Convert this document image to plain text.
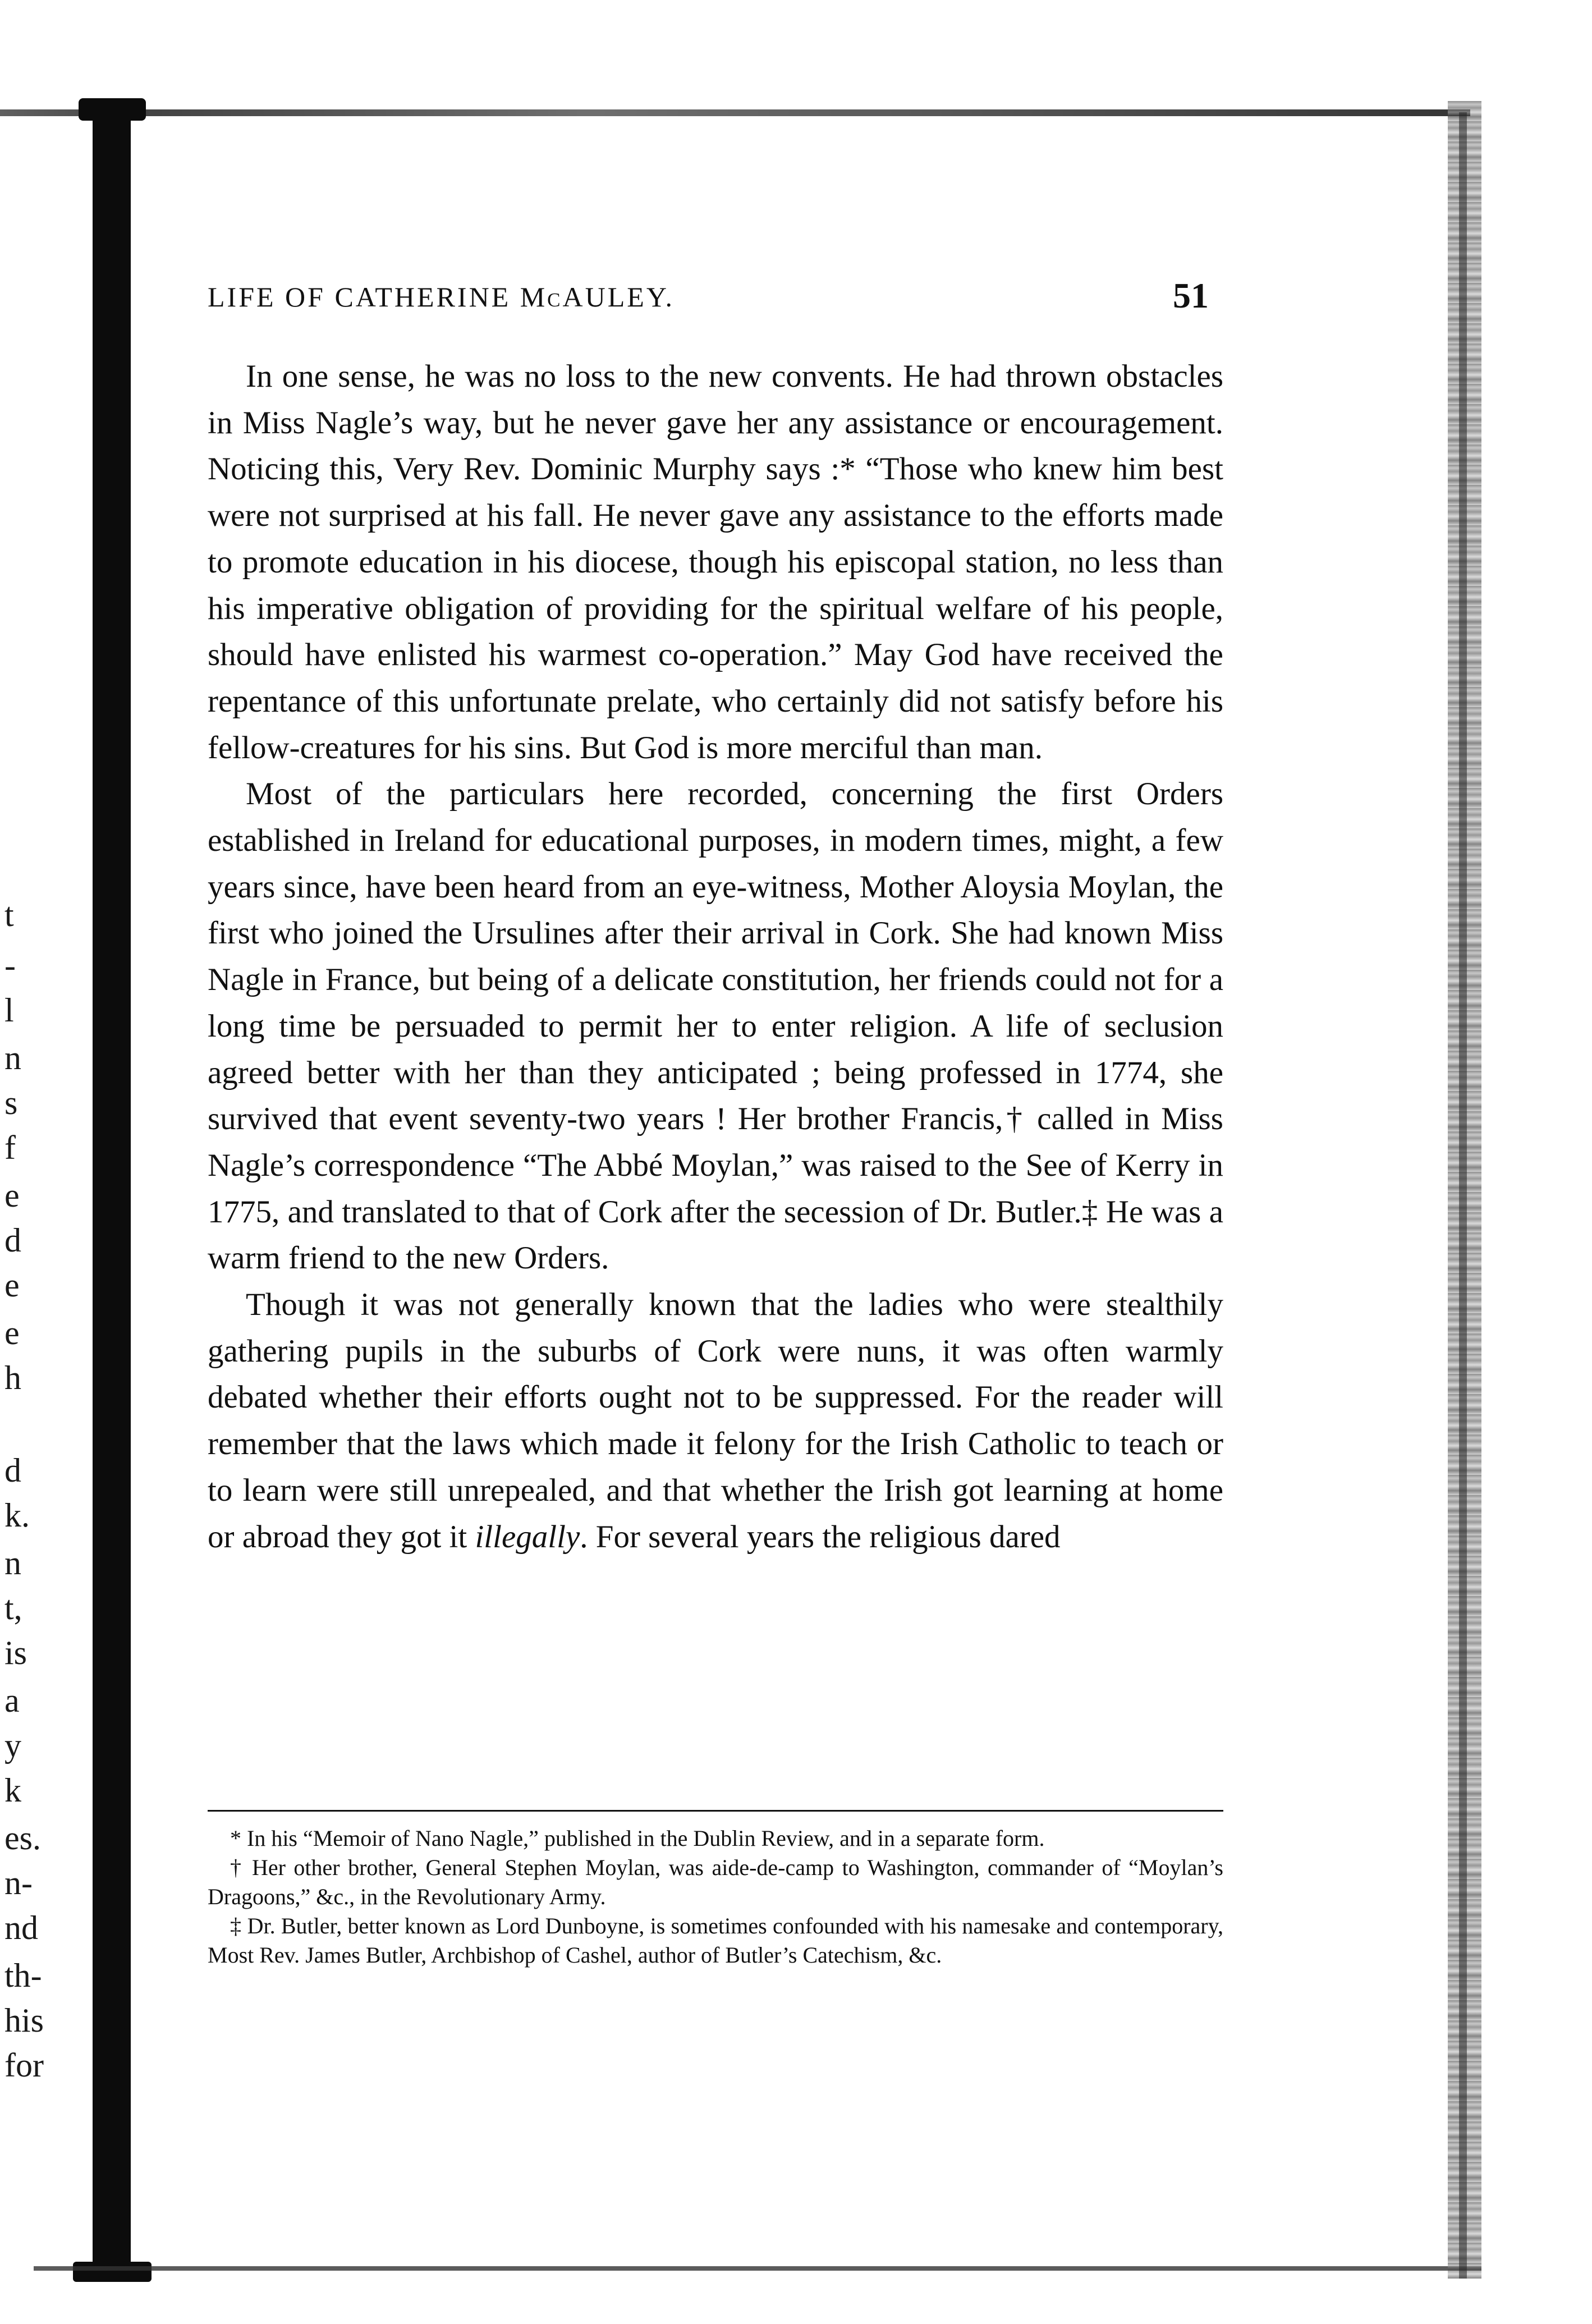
t
-
l
n
s
f
e
d
e
e
h
d
k.
n
t,
is
a
y
k
es.
n-
nd
th-
his
for
LIFE OF CATHERINE McAULEY.	51

In one sense, he was no loss to the new convents. He had thrown obstacles in Miss Nagle’s way, but he never gave her any assistance or encouragement. Noticing this, Very Rev. Dominic Murphy says :* “Those who knew him best were not surprised at his fall. He never gave any assistance to the efforts made to promote education in his diocese, though his episcopal station, no less than his imperative obligation of providing for the spiritual welfare of his people, should have enlisted his warmest co-operation.” May God have received the repentance of this unfortunate prelate, who certainly did not satisfy before his fellow-creatures for his sins. But God is more merciful than man.

Most of the particulars here recorded, concerning the first Orders established in Ireland for educational purposes, in modern times, might, a few years since, have been heard from an eye-witness, Mother Aloysia Moylan, the first who joined the Ursulines after their arrival in Cork. She had known Miss Nagle in France, but being of a delicate constitution, her friends could not for a long time be persuaded to permit her to enter religion. A life of seclusion agreed better with her than they anticipated ; being professed in 1774, she survived that event seventy-two years ! Her brother Francis,† called in Miss Nagle’s correspondence “The Abbé Moylan,” was raised to the See of Kerry in 1775, and translated to that of Cork after the secession of Dr. Butler.‡ He was a warm friend to the new Orders.

Though it was not generally known that the ladies who were stealthily gathering pupils in the suburbs of Cork were nuns, it was often warmly debated whether their efforts ought not to be suppressed. For the reader will remember that the laws which made it felony for the Irish Catholic to teach or to learn were still unrepealed, and that whether the Irish got learning at home or abroad they got it illegally. For several years the religious dared

* In his “Memoir of Nano Nagle,” published in the Dublin Review, and in a separate form.

† Her other brother, General Stephen Moylan, was aide-de-camp to Washington, commander of “Moylan’s Dragoons,” &c., in the Revolutionary Army.

‡ Dr. Butler, better known as Lord Dunboyne, is sometimes confounded with his namesake and contemporary, Most Rev. James Butler, Archbishop of Cashel, author of Butler’s Catechism, &c.
